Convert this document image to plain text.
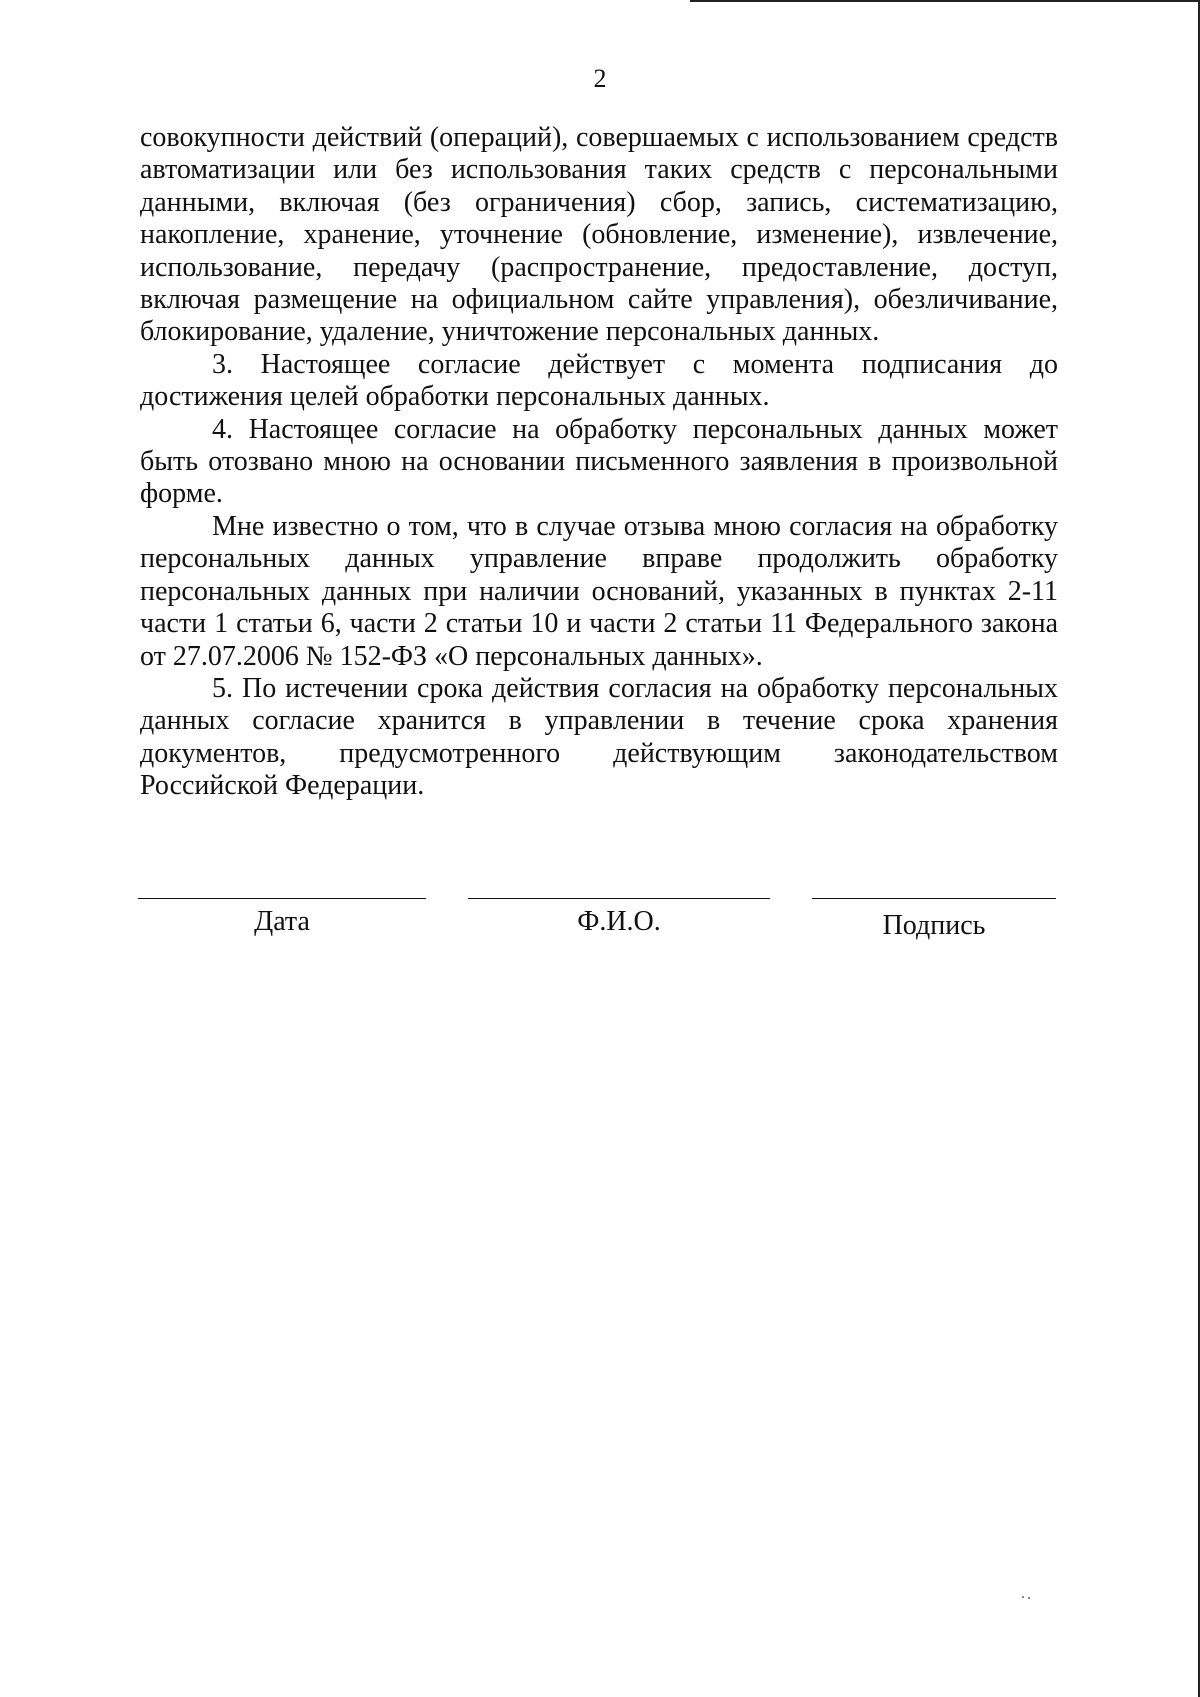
2

совокупности действий (операций), совершаемых с использованием средств автоматизации или без использования таких средств с персональными данными, включая (без ограничения) сбор, запись, систематизацию, накопление, хранение, уточнение (обновление, изменение), извлечение, использование, передачу (распространение, предоставление, доступ, включая размещение на официальном сайте управления), обезличивание, блокирование, удаление, уничтожение персональных данных.

3. Настоящее согласие действует с момента подписания до достижения целей обработки персональных данных.

4. Настоящее согласие на обработку персональных данных может быть отозвано мною на основании письменного заявления в произвольной форме.

Мне известно о том, что в случае отзыва мною согласия на обработку персональных данных управление вправе продолжить обработку персональных данных при наличии оснований, указанных в пунктах 2-11 части 1 статьи 6, части 2 статьи 10 и части 2 статьи 11 Федерального закона от 27.07.2006 № 152-ФЗ «О персональных данных».

5. По истечении срока действия согласия на обработку персональных данных согласие хранится в управлении в течение срока хранения документов, предусмотренного действующим законодательством Российской Федерации.

Дата	Ф.И.О.	Подпись
